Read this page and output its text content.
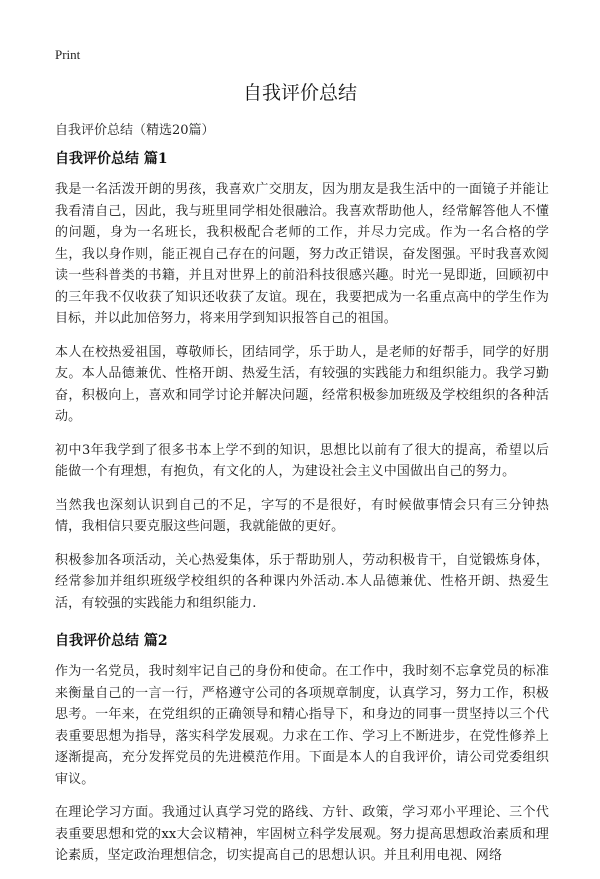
Print
自我评价总结
自我评价总结（精选20篇）
自我评价总结 篇1

我是一名活泼开朗的男孩，我喜欢广交朋友，因为朋友是我生活中的一面镜子并能让我看清自己，因此，我与班里同学相处很融洽。我喜欢帮助他人，经常解答他人不懂的问题，身为一名班长，我积极配合老师的工作，并尽力完成。作为一名合格的学生，我以身作则，能正视自己存在的问题，努力改正错误，奋发图强。平时我喜欢阅读一些科普类的书籍，并且对世界上的前沿科技很感兴趣。时光一晃即逝，回顾初中的三年我不仅收获了知识还收获了友谊。现在，我要把成为一名重点高中的学生作为目标，并以此加倍努力，将来用学到知识报答自己的祖国。

本人在校热爱祖国，尊敬师长，团结同学，乐于助人，是老师的好帮手，同学的好朋友。本人品德兼优、性格开朗、热爱生活，有较强的实践能力和组织能力。我学习勤奋，积极向上，喜欢和同学讨论并解决问题，经常积极参加班级及学校组织的各种活动。

初中3年我学到了很多书本上学不到的知识，思想比以前有了很大的提高，希望以后能做一个有理想，有抱负，有文化的人，为建设社会主义中国做出自己的努力。

当然我也深刻认识到自己的不足，字写的不是很好，有时候做事情会只有三分钟热情，我相信只要克服这些问题，我就能做的更好。

积极参加各项活动，关心热爱集体，乐于帮助别人，劳动积极肯干，自觉锻炼身体，经常参加并组织班级学校组织的各种课内外活动.本人品德兼优、性格开朗、热爱生活，有较强的实践能力和组织能力.

自我评价总结 篇2

作为一名党员，我时刻牢记自己的身份和使命。在工作中，我时刻不忘拿党员的标准来衡量自己的一言一行，严格遵守公司的各项规章制度，认真学习，努力工作，积极思考。一年来，在党组织的正确领导和精心指导下，和身边的同事一贯坚持以三个代表重要思想为指导，落实科学发展观。力求在工作、学习上不断进步，在党性修养上逐渐提高，充分发挥党员的先进模范作用。下面是本人的自我评价，请公司党委组织审议。

在理论学习方面。我通过认真学习党的路线、方针、政策，学习邓小平理论、三个代表重要思想和党的xx大会议精神，牢固树立科学发展观。努力提高思想政治素质和理论素质，坚定政治理想信念，切实提高自己的思想认识。并且利用电视、网络
